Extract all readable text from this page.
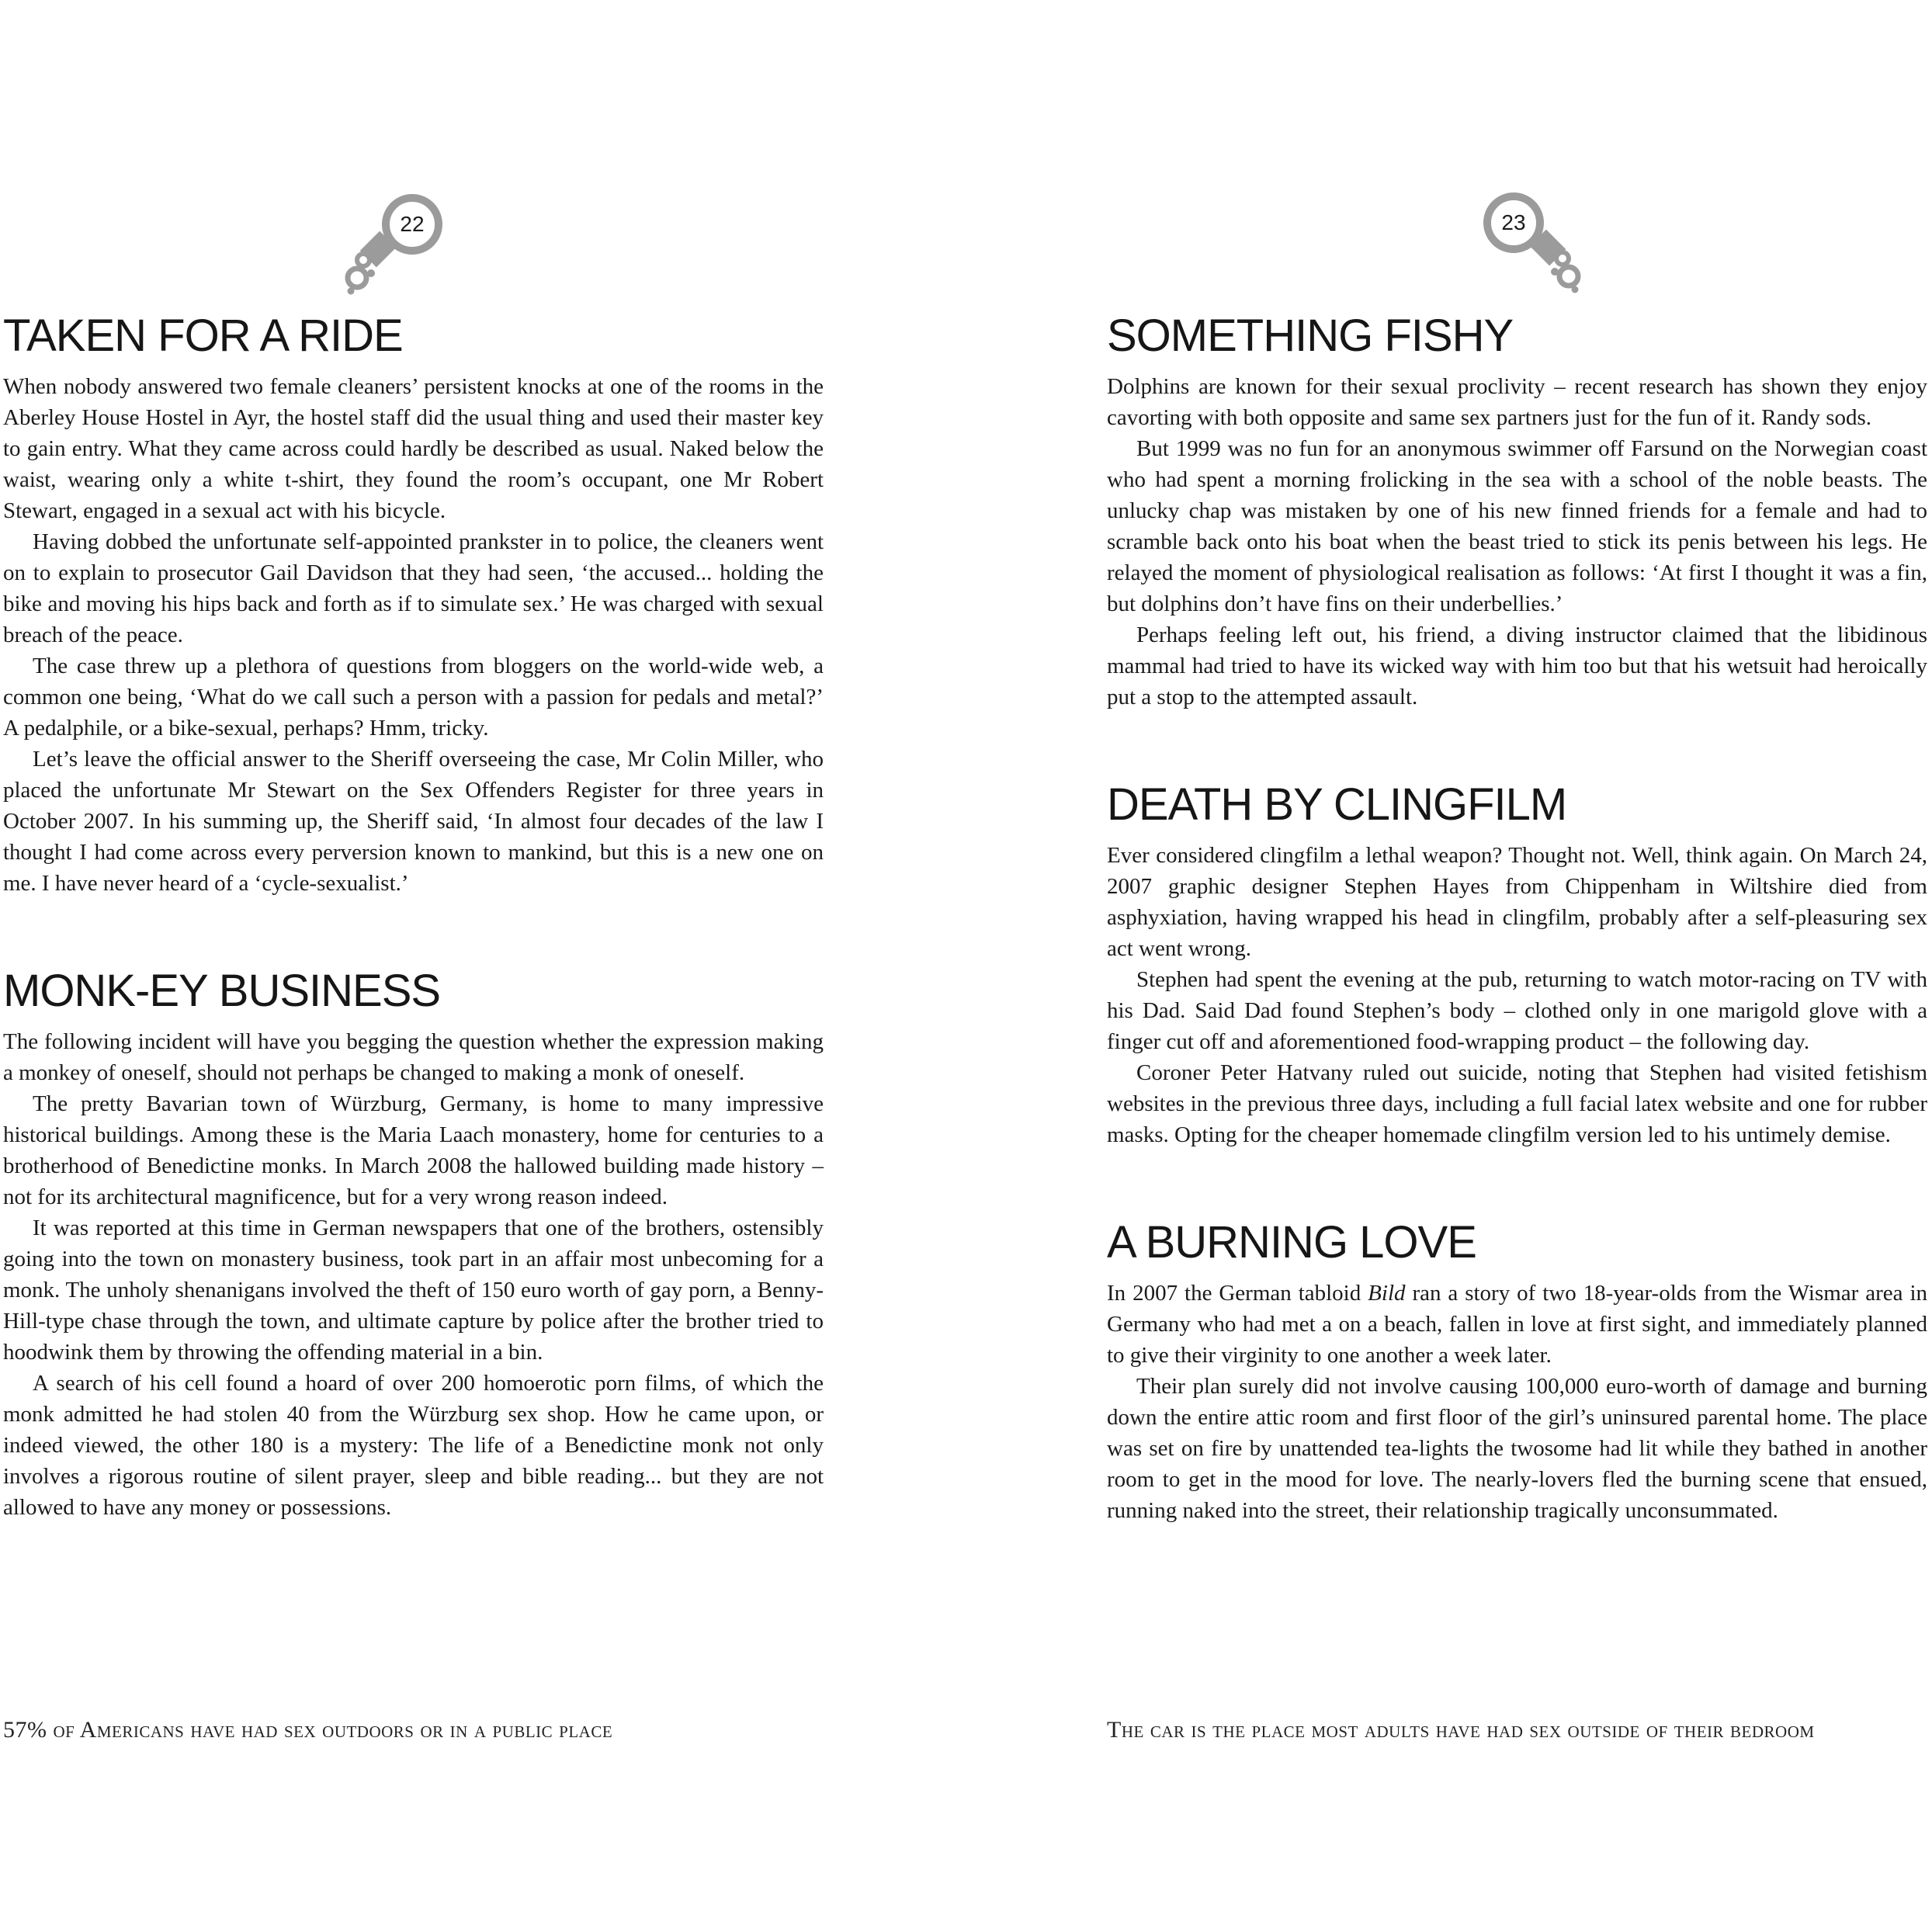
22	23
TAKEN FOR A RIDE

When nobody answered two female cleaners’ persistent knocks at one of the rooms in the Aberley House Hostel in Ayr, the hostel staff did the usual thing and used their master key to gain entry. What they came across could hardly be described as usual. Naked below the waist, wearing only a white t-shirt, they found the room’s occupant, one Mr Robert Stewart, engaged in a sexual act with his bicycle.

Having dobbed the unfortunate self-appointed prankster in to police, the cleaners went on to explain to prosecutor Gail Davidson that they had seen, ‘the accused... holding the bike and moving his hips back and forth as if to simulate sex.’ He was charged with sexual breach of the peace.

The case threw up a plethora of questions from bloggers on the world-wide web, a common one being, ‘What do we call such a person with a passion for pedals and metal?’ A pedalphile, or a bike-sexual, perhaps? Hmm, tricky.

Let’s leave the official answer to the Sheriff overseeing the case, Mr Colin Miller, who placed the unfortunate Mr Stewart on the Sex Offenders Register for three years in October 2007. In his summing up, the Sheriff said, ‘In almost four decades of the law I thought I had come across every perversion known to mankind, but this is a new one on me. I have never heard of a ‘cycle-sexualist.’

MONK-EY BUSINESS

The following incident will have you begging the question whether the expression making a monkey of oneself, should not perhaps be changed to making a monk of oneself.

The pretty Bavarian town of Würzburg, Germany, is home to many impressive historical buildings. Among these is the Maria Laach monastery, home for centuries to a brotherhood of Benedictine monks. In March 2008 the hallowed building made history – not for its architectural magnificence, but for a very wrong reason indeed.

It was reported at this time in German newspapers that one of the brothers, ostensibly going into the town on monastery business, took part in an affair most unbecoming for a monk. The unholy shenanigans involved the theft of 150 euro worth of gay porn, a Benny-Hill-type chase through the town, and ultimate capture by police after the brother tried to hoodwink them by throwing the offending material in a bin.

A search of his cell found a hoard of over 200 homoerotic porn films, of which the monk admitted he had stolen 40 from the Würzburg sex shop. How he came upon, or indeed viewed, the other 180 is a mystery: The life of a Benedictine monk not only involves a rigorous routine of silent prayer, sleep and bible reading... but they are not allowed to have any money or possessions.

SOMETHING FISHY

Dolphins are known for their sexual proclivity – recent research has shown they enjoy cavorting with both opposite and same sex partners just for the fun of it. Randy sods.

But 1999 was no fun for an anonymous swimmer off Farsund on the Norwegian coast who had spent a morning frolicking in the sea with a school of the noble beasts. The unlucky chap was mistaken by one of his new finned friends for a female and had to scramble back onto his boat when the beast tried to stick its penis between his legs. He relayed the moment of physiological realisation as follows: ‘At first I thought it was a fin, but dolphins don’t have fins on their underbellies.’

Perhaps feeling left out, his friend, a diving instructor claimed that the libidinous mammal had tried to have its wicked way with him too but that his wetsuit had heroically put a stop to the attempted assault.

DEATH BY CLINGFILM

Ever considered clingfilm a lethal weapon? Thought not. Well, think again. On March 24, 2007 graphic designer Stephen Hayes from Chippenham in Wiltshire died from asphyxiation, having wrapped his head in clingfilm, probably after a self-pleasuring sex act went wrong.

Stephen had spent the evening at the pub, returning to watch motor-racing on TV with his Dad. Said Dad found Stephen’s body – clothed only in one marigold glove with a finger cut off and aforementioned food-wrapping product – the following day.

Coroner Peter Hatvany ruled out suicide, noting that Stephen had visited fetishism websites in the previous three days, including a full facial latex website and one for rubber masks. Opting for the cheaper homemade clingfilm version led to his untimely demise.

A BURNING LOVE

In 2007 the German tabloid Bild ran a story of two 18-year-olds from the Wismar area in Germany who had met a on a beach, fallen in love at first sight, and immediately planned to give their virginity to one another a week later.

Their plan surely did not involve causing 100,000 euro-worth of damage and burning down the entire attic room and first floor of the girl’s uninsured parental home. The place was set on fire by unattended tea-lights the twosome had lit while they bathed in another room to get in the mood for love. The nearly-lovers fled the burning scene that ensued, running naked into the street, their relationship tragically unconsummated.

57% of Americans have had sex outdoors or in a public place	The car is the place most adults have had sex outside of their bedroom
